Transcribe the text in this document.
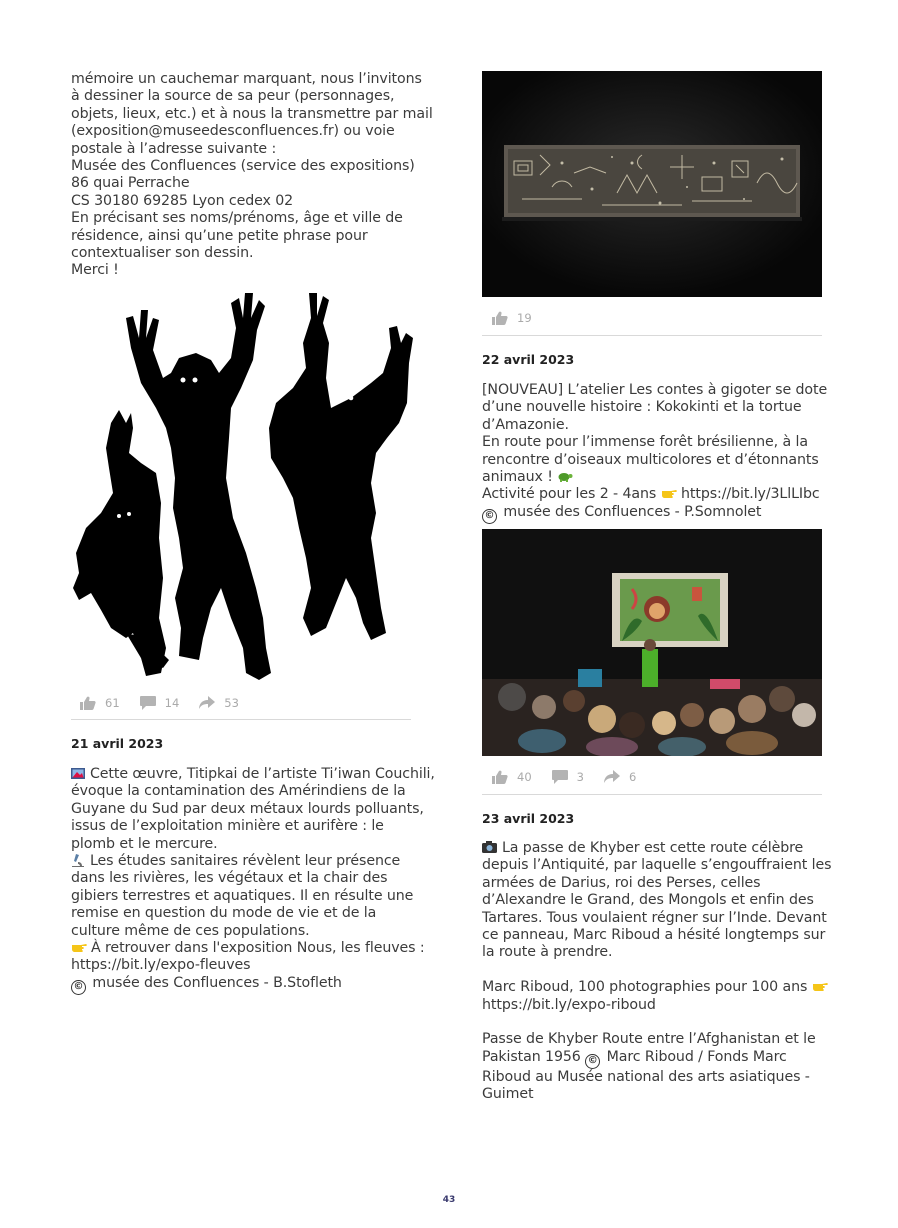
mémoire un cauchemar marquant, nous l’invitons
à dessiner la source de sa peur (personnages,
objets, lieux, etc.) et à nous la transmettre par mail
(exposition@museedesconfluences.fr) ou voie
postale à l’adresse suivante :
Musée des Confluences (service des expositions)
86 quai Perrache
CS 30180 69285 Lyon cedex 02
En précisant ses noms/prénoms, âge et ville de
résidence, ainsi qu’une petite phrase pour
contextualiser son dessin.
Merci !
61	14	53
21 avril 2023
Cette œuvre, Titipkai de l’artiste Ti’iwan Couchili,
évoque la contamination des Amérindiens de la
Guyane du Sud par deux métaux lourds polluants,
issus de l’exploitation minière et aurifère : le
plomb et le mercure.
Les études sanitaires révèlent leur présence
dans les rivières, les végétaux et la chair des
gibiers terrestres et aquatiques. Il en résulte une
remise en question du mode de vie et de la
culture même de ces populations.
À retrouver dans l'exposition Nous, les fleuves :
https://bit.ly/expo-fleuves
© musée des Confluences - B.Stofleth
19
22 avril 2023
[NOUVEAU] L’atelier Les contes à gigoter se dote
d’une nouvelle histoire : Kokokinti et la tortue
d’Amazonie.
En route pour l’immense forêt brésilienne, à la
rencontre d’oiseaux multicolores et d’étonnants
animaux !
Activité pour les 2 - 4ans https://bit.ly/3LlLIbc
© musée des Confluences - P.Somnolet
40	3	6
23 avril 2023
La passe de Khyber est cette route célèbre
depuis l’Antiquité, par laquelle s’engouffraient les
armées de Darius, roi des Perses, celles
d’Alexandre le Grand, des Mongols et enfin des
Tartares. Tous voulaient régner sur l’Inde. Devant
ce panneau, Marc Riboud a hésité longtemps sur
la route à prendre.
Marc Riboud, 100 photographies pour 100 ans
https://bit.ly/expo-riboud
Passe de Khyber Route entre l’Afghanistan et le
Pakistan 1956 © Marc Riboud / Fonds Marc
Riboud au Musée national des arts asiatiques -
Guimet
43
